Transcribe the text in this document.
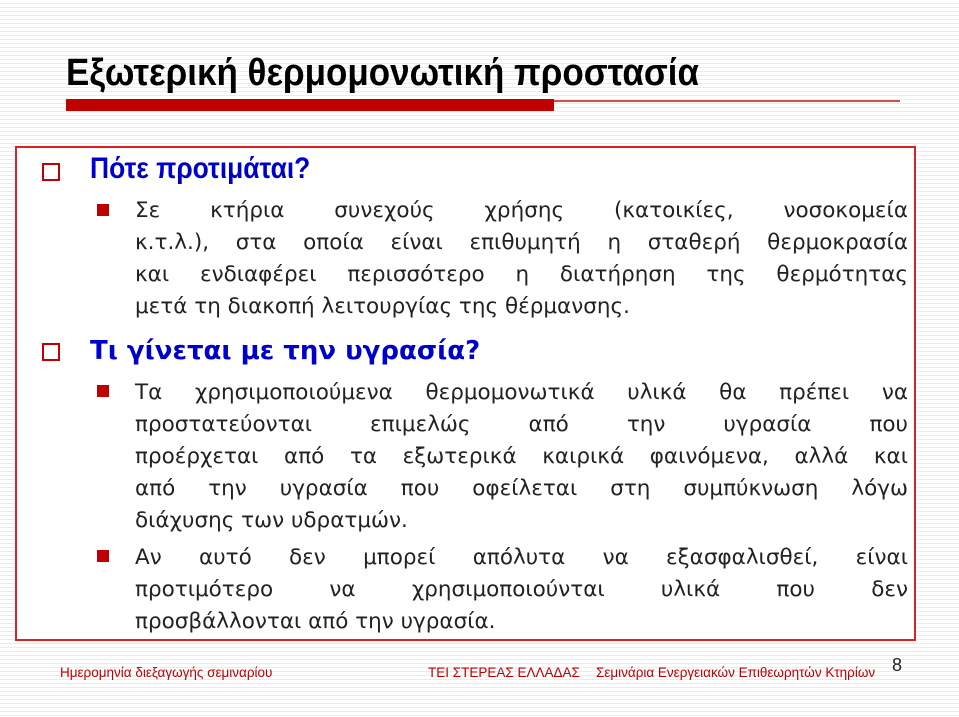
Εξωτερική θερμομονωτική προστασία
Πότε προτιμάται?
Σε κτήρια συνεχούς χρήσης (κατοικίες, νοσοκομεία
κ.τ.λ.), στα οποία είναι επιθυμητή η σταθερή θερμοκρασία
και ενδιαφέρει περισσότερο η διατήρηση της θερμότητας
μετά τη διακοπή λειτουργίας της θέρμανσης.
Τι γίνεται με την υγρασία?
Τα χρησιμοποιούμενα θερμομονωτικά υλικά θα πρέπει να
προστατεύονται επιμελώς από την υγρασία που
προέρχεται από τα εξωτερικά καιρικά φαινόμενα, αλλά και
από την υγρασία που οφείλεται στη συμπύκνωση λόγω
διάχυσης των υδρατμών.
Αν αυτό δεν μπορεί απόλυτα να εξασφαλισθεί, είναι
προτιμότερο να χρησιμοποιούνται υλικά που δεν
προσβάλλονται από την υγρασία.
Ημερομηνία διεξαγωγής σεμιναρίου	ΤΕΙ ΣΤΕΡΕΑΣ ΕΛΛΑΔΑΣ Σεμινάρια Ενεργειακών Επιθεωρητών Κτηρίων 8
